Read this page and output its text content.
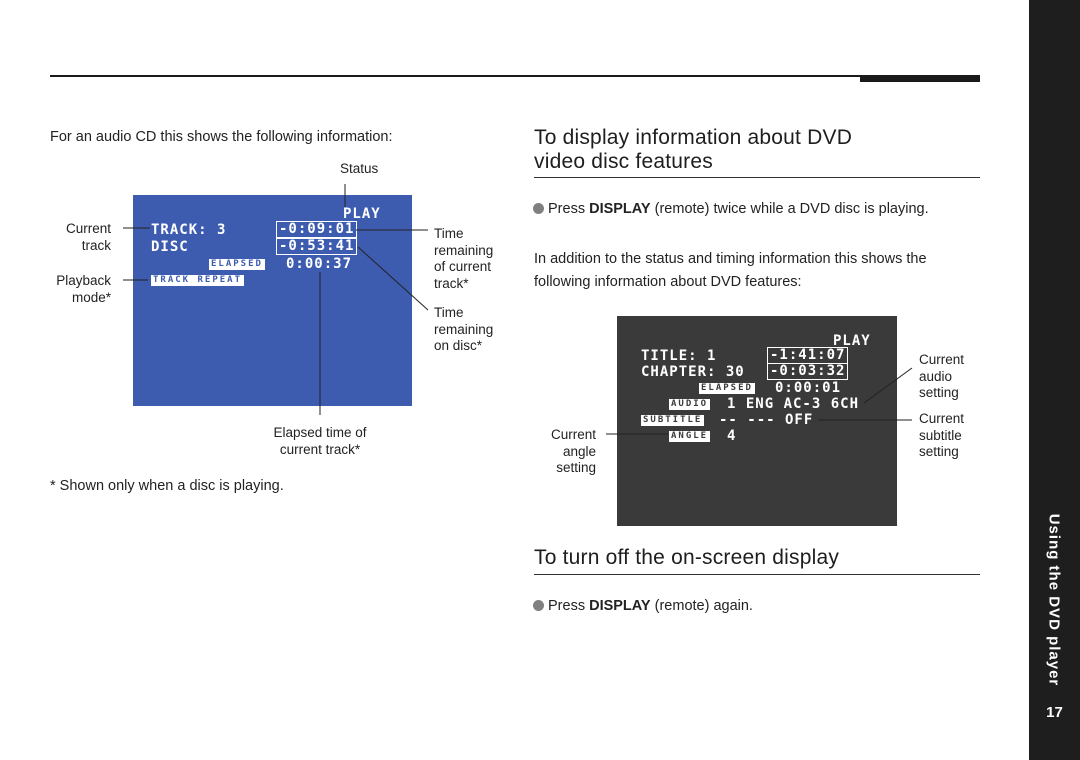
For an audio CD this shows the following information:
Status
Current
track
Playback
mode*
Time
remaining
of current
track*
Time
remaining
on disc*
PLAY
TRACK: 3
DISC
-0:09:01
-0:53:41
ELAPSED 0:00:37
TRACK REPEAT
Elapsed time of
current track*
* Shown only when a disc is playing.
To display information about DVD
video disc features
Press DISPLAY (remote) twice while a DVD disc is playing.
In addition to the status and timing information this shows the
following information about DVD features:
PLAY
TITLE: 1
CHAPTER: 30
-1:41:07
-0:03:32
ELAPSED 0:00:01
AUDIO 1 ENG AC-3 6CH
SUBTITLE -- --- OFF
ANGLE 4
Current
audio
setting
Current
subtitle
setting
Current
angle
setting
To turn off the on-screen display
Press DISPLAY (remote) again.	Using the DVD player
17
